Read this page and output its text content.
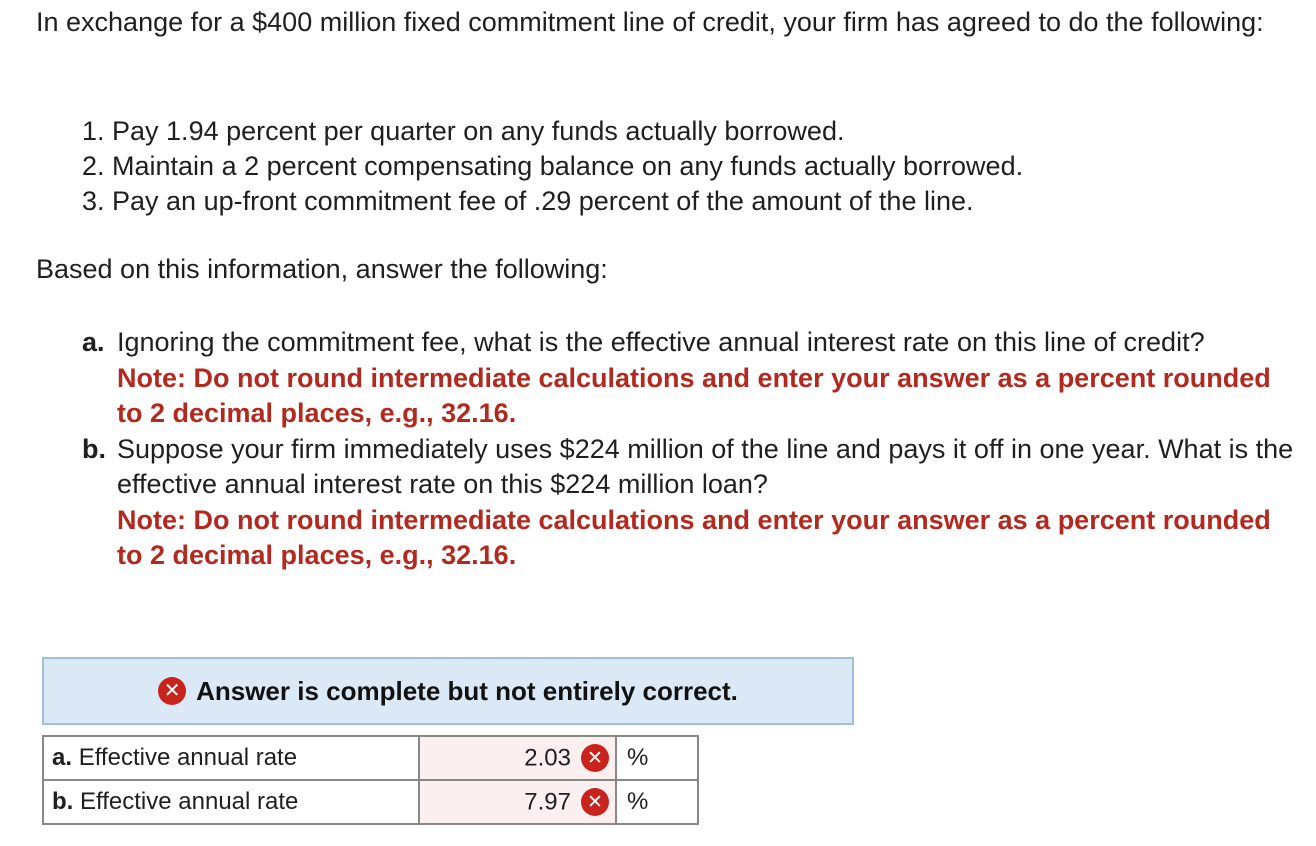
In exchange for a $400 million fixed commitment line of credit, your firm has agreed to do the following:

1. Pay 1.94 percent per quarter on any funds actually borrowed.
2. Maintain a 2 percent compensating balance on any funds actually borrowed.
3. Pay an up-front commitment fee of .29 percent of the amount of the line.

Based on this information, answer the following:

a. Ignoring the commitment fee, what is the effective annual interest rate on this line of credit?
Note: Do not round intermediate calculations and enter your answer as a percent rounded to 2 decimal places, e.g., 32.16.
b. Suppose your firm immediately uses $224 million of the line and pays it off in one year. What is the effective annual interest rate on this $224 million loan?
Note: Do not round intermediate calculations and enter your answer as a percent rounded to 2 decimal places, e.g., 32.16.
✕ Answer is complete but not entirely correct.
a. Effective annual rate	2.03 ✕	%
b. Effective annual rate	7.97 ✕	%
